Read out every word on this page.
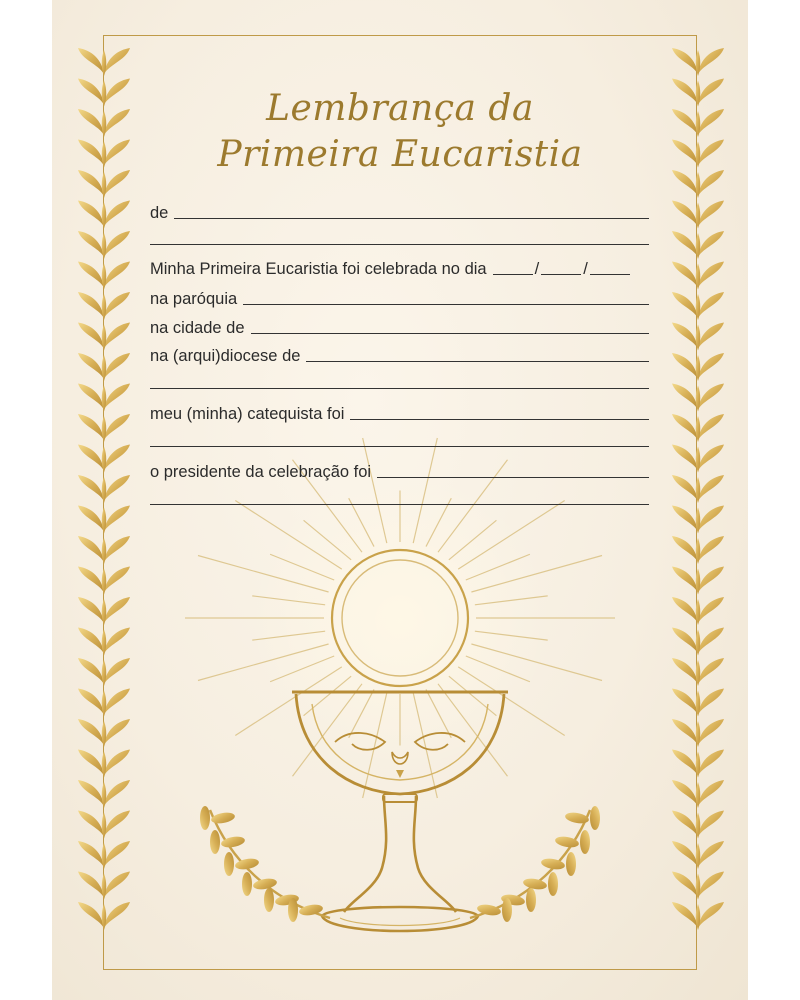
Lembrança da
Primeira Eucaristia
de
Minha Primeira Eucaristia foi celebrada no dia	/	/
na paróquia
na cidade de
na (arqui)diocese de
meu (minha) catequista foi
o presidente da celebração foi
